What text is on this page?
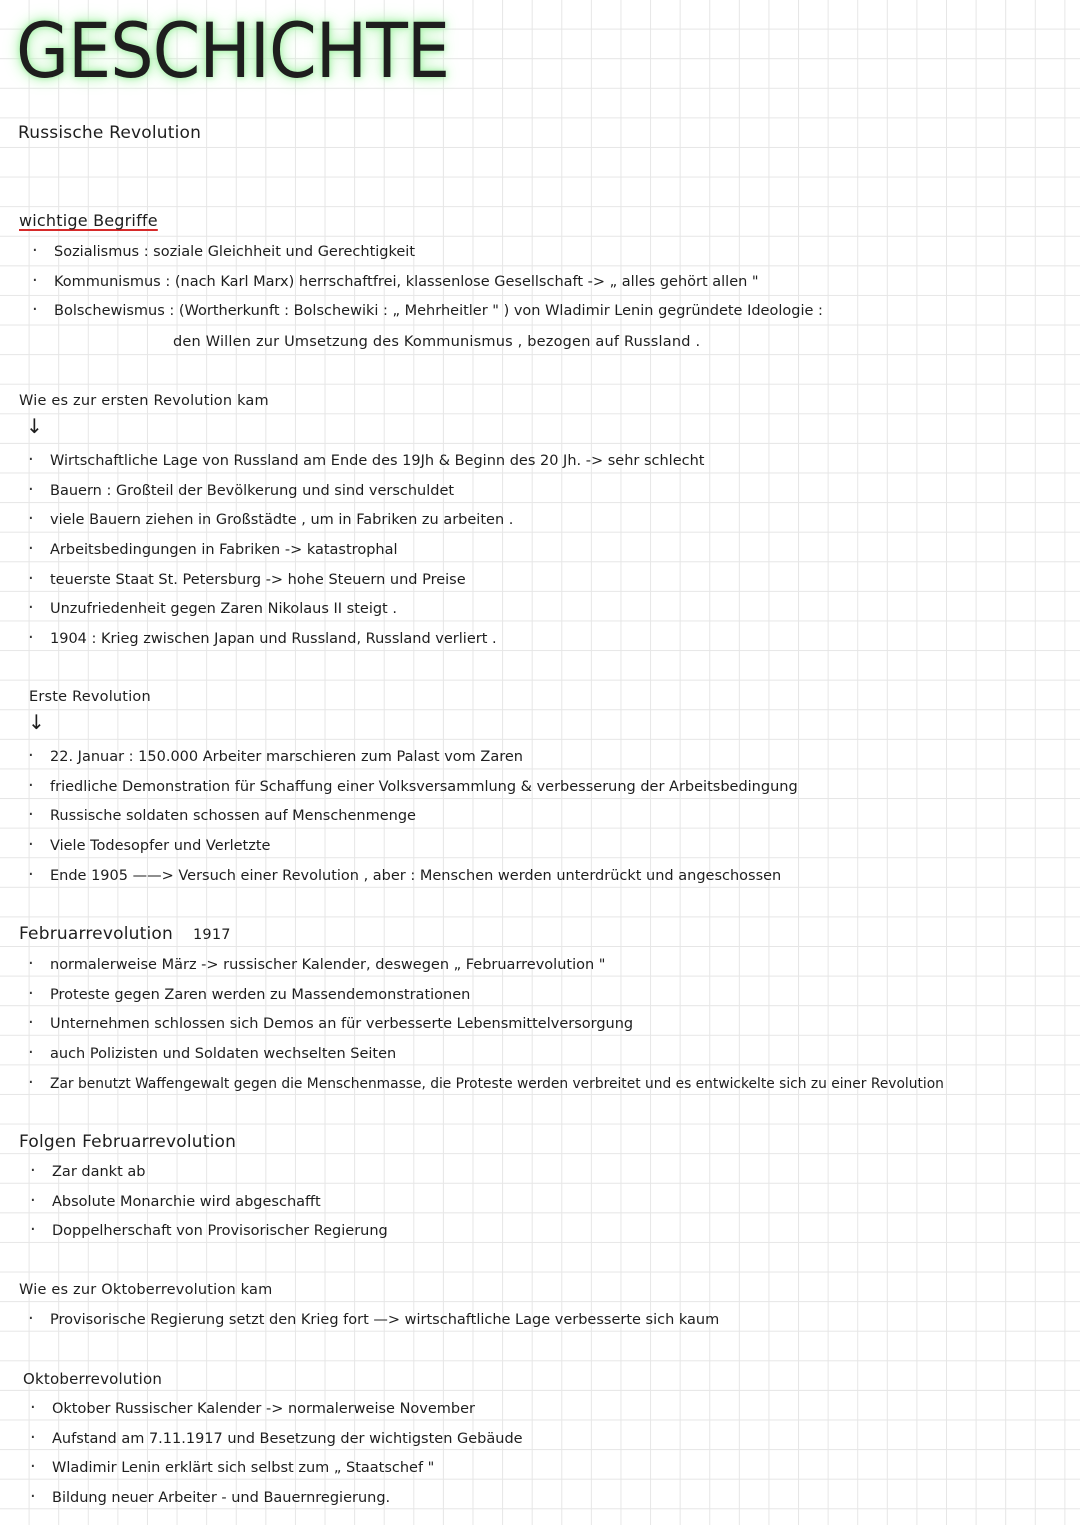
GESCHICHTE
Russische Revolution
wichtige Begriffe
· Sozialismus : soziale Gleichheit und Gerechtigkeit
· Kommunismus : (nach Karl Marx) herrschaftfrei, klassenlose Gesellschaft -> „ alles gehört allen "
· Bolschewismus : (Wortherkunft : Bolschewiki : „ Mehrheitler " ) von Wladimir Lenin gegründete Ideologie :
den Willen zur Umsetzung des Kommunismus , bezogen auf Russland .
Wie es zur ersten Revolution kam
↓
· Wirtschaftliche Lage von Russland am Ende des 19Jh & Beginn des 20 Jh. -> sehr schlecht
· Bauern : Großteil der Bevölkerung und sind verschuldet
· viele Bauern ziehen in Großstädte , um in Fabriken zu arbeiten .
· Arbeitsbedingungen in Fabriken -> katastrophal
· teuerste Staat St. Petersburg -> hohe Steuern und Preise
· Unzufriedenheit gegen Zaren Nikolaus II steigt .
· 1904 : Krieg zwischen Japan und Russland, Russland verliert .
Erste Revolution
↓
· 22. Januar : 150.000 Arbeiter marschieren zum Palast vom Zaren
· friedliche Demonstration für Schaffung einer Volksversammlung & verbesserung der Arbeitsbedingung
· Russische soldaten schossen auf Menschenmenge
· Viele Todesopfer und Verletzte
· Ende 1905 ——> Versuch einer Revolution , aber : Menschen werden unterdrückt und angeschossen
Februarrevolution 1917
· normalerweise März -> russischer Kalender, deswegen „ Februarrevolution "
· Proteste gegen Zaren werden zu Massendemonstrationen
· Unternehmen schlossen sich Demos an für verbesserte Lebensmittelversorgung
· auch Polizisten und Soldaten wechselten Seiten
· Zar benutzt Waffengewalt gegen die Menschenmasse, die Proteste werden verbreitet und es entwickelte sich zu einer Revolution
Folgen Februarrevolution
· Zar dankt ab
· Absolute Monarchie wird abgeschafft
· Doppelherschaft von Provisorischer Regierung
Wie es zur Oktoberrevolution kam
· Provisorische Regierung setzt den Krieg fort —> wirtschaftliche Lage verbesserte sich kaum
Oktoberrevolution
· Oktober Russischer Kalender -> normalerweise November
· Aufstand am 7.11.1917 und Besetzung der wichtigsten Gebäude
· Wladimir Lenin erklärt sich selbst zum „ Staatschef "
· Bildung neuer Arbeiter - und Bauernregierung.
